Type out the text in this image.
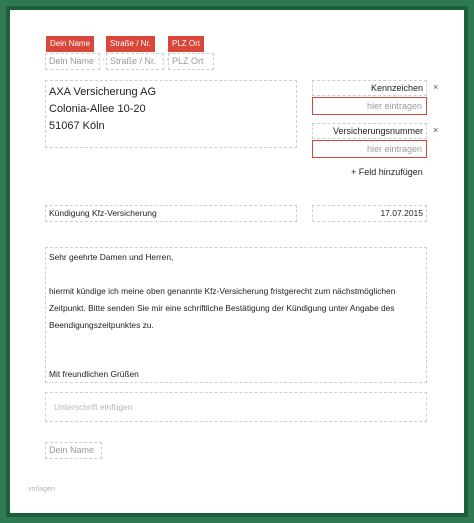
Dein Name	Straße / Nr.	PLZ Ort
Dein Name · Straße / Nr.	· PLZ Ort
AXA Versicherung AG
Colonia-Allee 10-20
51067 Köln
Kennzeichen ×
hier eintragen
Versicherungsnummer ×
hier eintragen
+ Feld hinzufügen
Kündigung Kfz-Versicherung	17.07.2015
Sehr geehrte Damen und Herren,
hiermit kündige ich meine oben genannte Kfz-Versicherung fristgerecht zum nächstmöglichen Zeitpunkt. Bitte senden Sie mir eine schriftliche Bestätigung der Kündigung unter Angabe des Beendigungszeitpunktes zu.
Mit freundlichen Grüßen
Unterschrift einfügen
Dein Name
vorlagen
